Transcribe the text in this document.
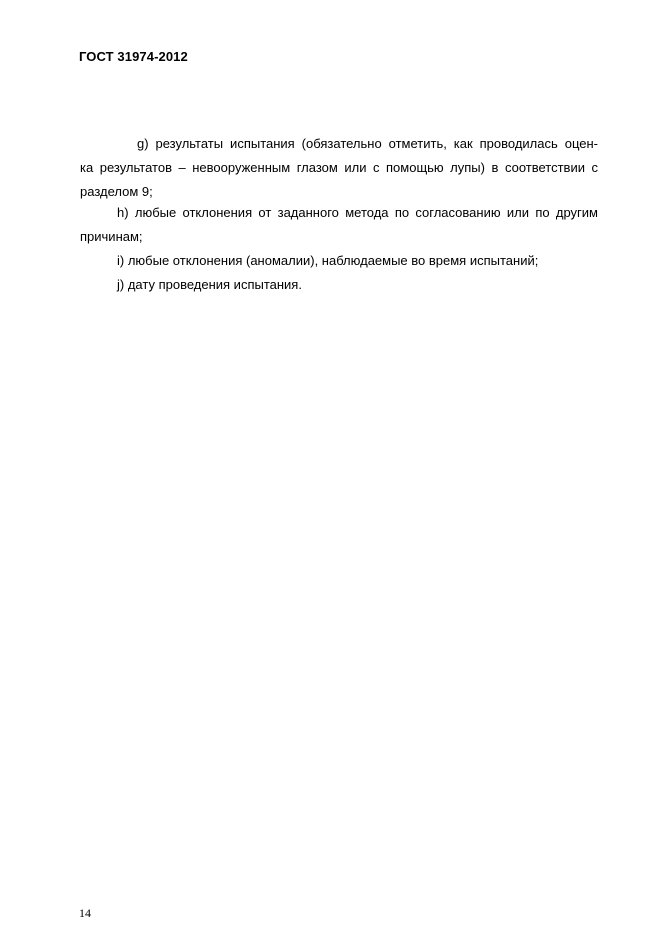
ГОСТ 31974-2012
g) результаты испытания (обязательно отметить, как проводилась оцен-
ка результатов – невооруженным глазом или с помощью лупы) в соответствии с
разделом 9;
h) любые отклонения от заданного метода по согласованию или по другим
причинам;
i) любые отклонения (аномалии), наблюдаемые во время испытаний;
j) дату проведения испытания.
14
